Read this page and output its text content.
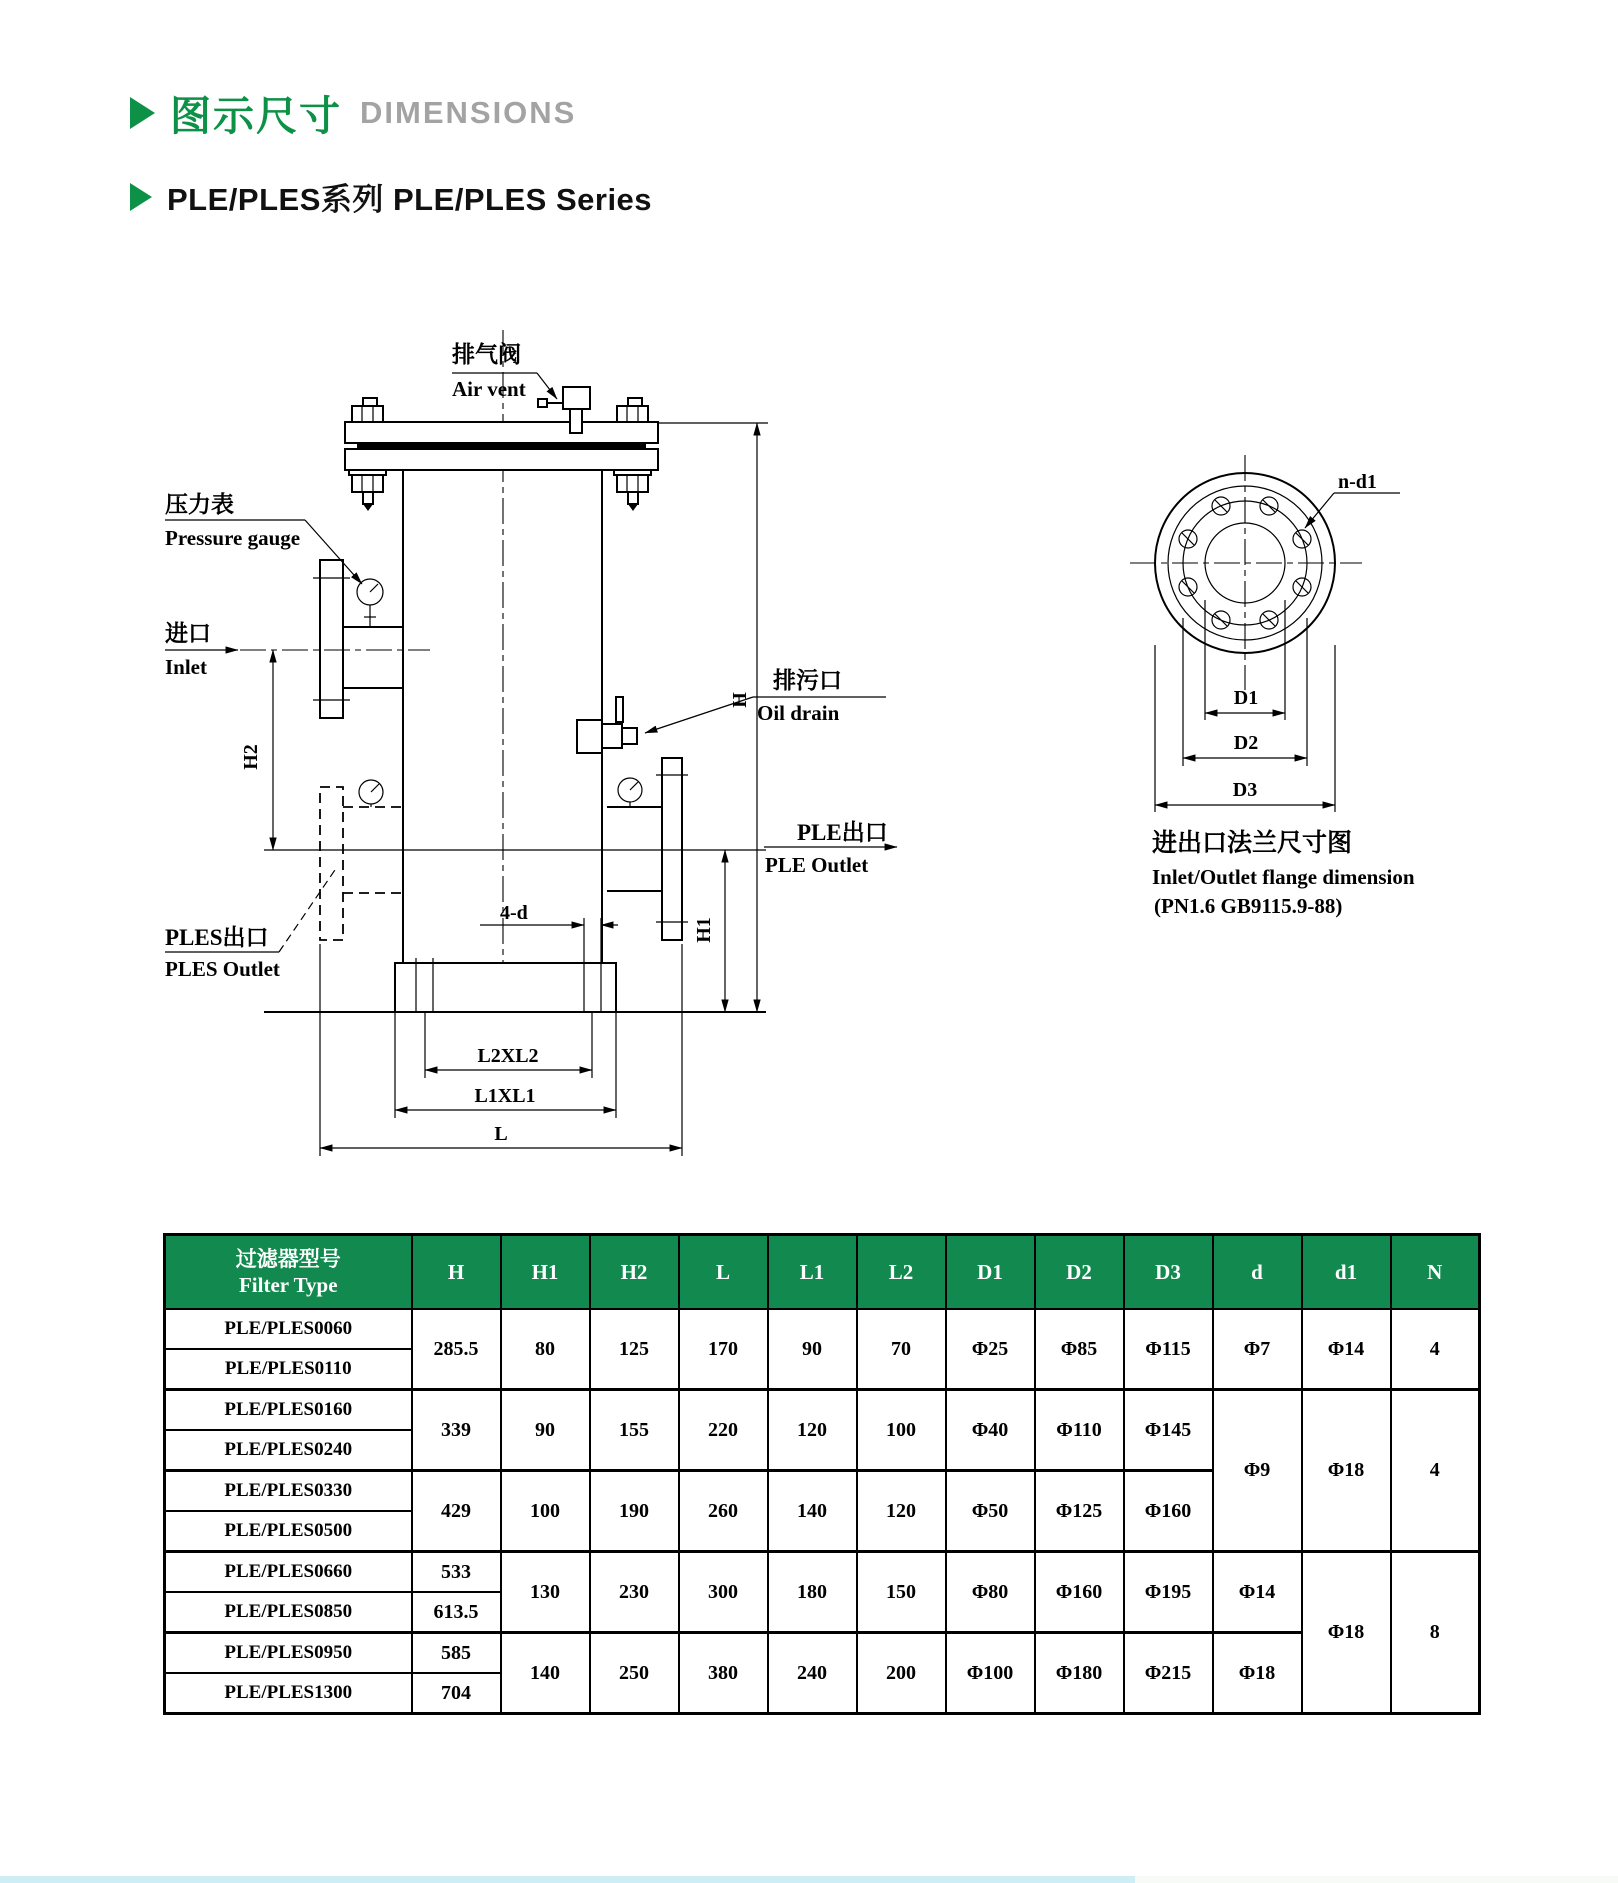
图示尺寸 DIMENSIONS
PLE/PLES系列 PLE/PLES Series
排气阀
Air vent
压力表
Pressure gauge
进口
Inlet
PLES出口
PLES Outlet
PLE出口
PLE Outlet
排污口
Oil drain
H
H1
H2
4-d
L2XL2
L1XL1
L
n-d1
D1
D2
D3
进出口法兰尺寸图
Inlet/Outlet flange dimension
(PN1.6 GB9115.9-88)
过滤器型号
Filter Type	H	H1	H2	L	L1	L2	D1	D2	D3	d	d1	N
PLE/PLES0060	285.5	80	125	170	90	70	Φ25	Φ85	Φ115	Φ7	Φ14	4
PLE/PLES0110												
PLE/PLES0160	339	90	155	220	120	100	Φ40	Φ110	Φ145	Φ9	Φ18	4
PLE/PLES0240												
PLE/PLES0330	429	100	190	260	140	120	Φ50	Φ125	Φ160			
PLE/PLES0500												
PLE/PLES0660	533	130	230	300	180	150	Φ80	Φ160	Φ195	Φ14	Φ18	8
PLE/PLES0850	613.5											
PLE/PLES0950	585	140	250	380	240	200	Φ100	Φ180	Φ215	Φ18		
PLE/PLES1300	704											
